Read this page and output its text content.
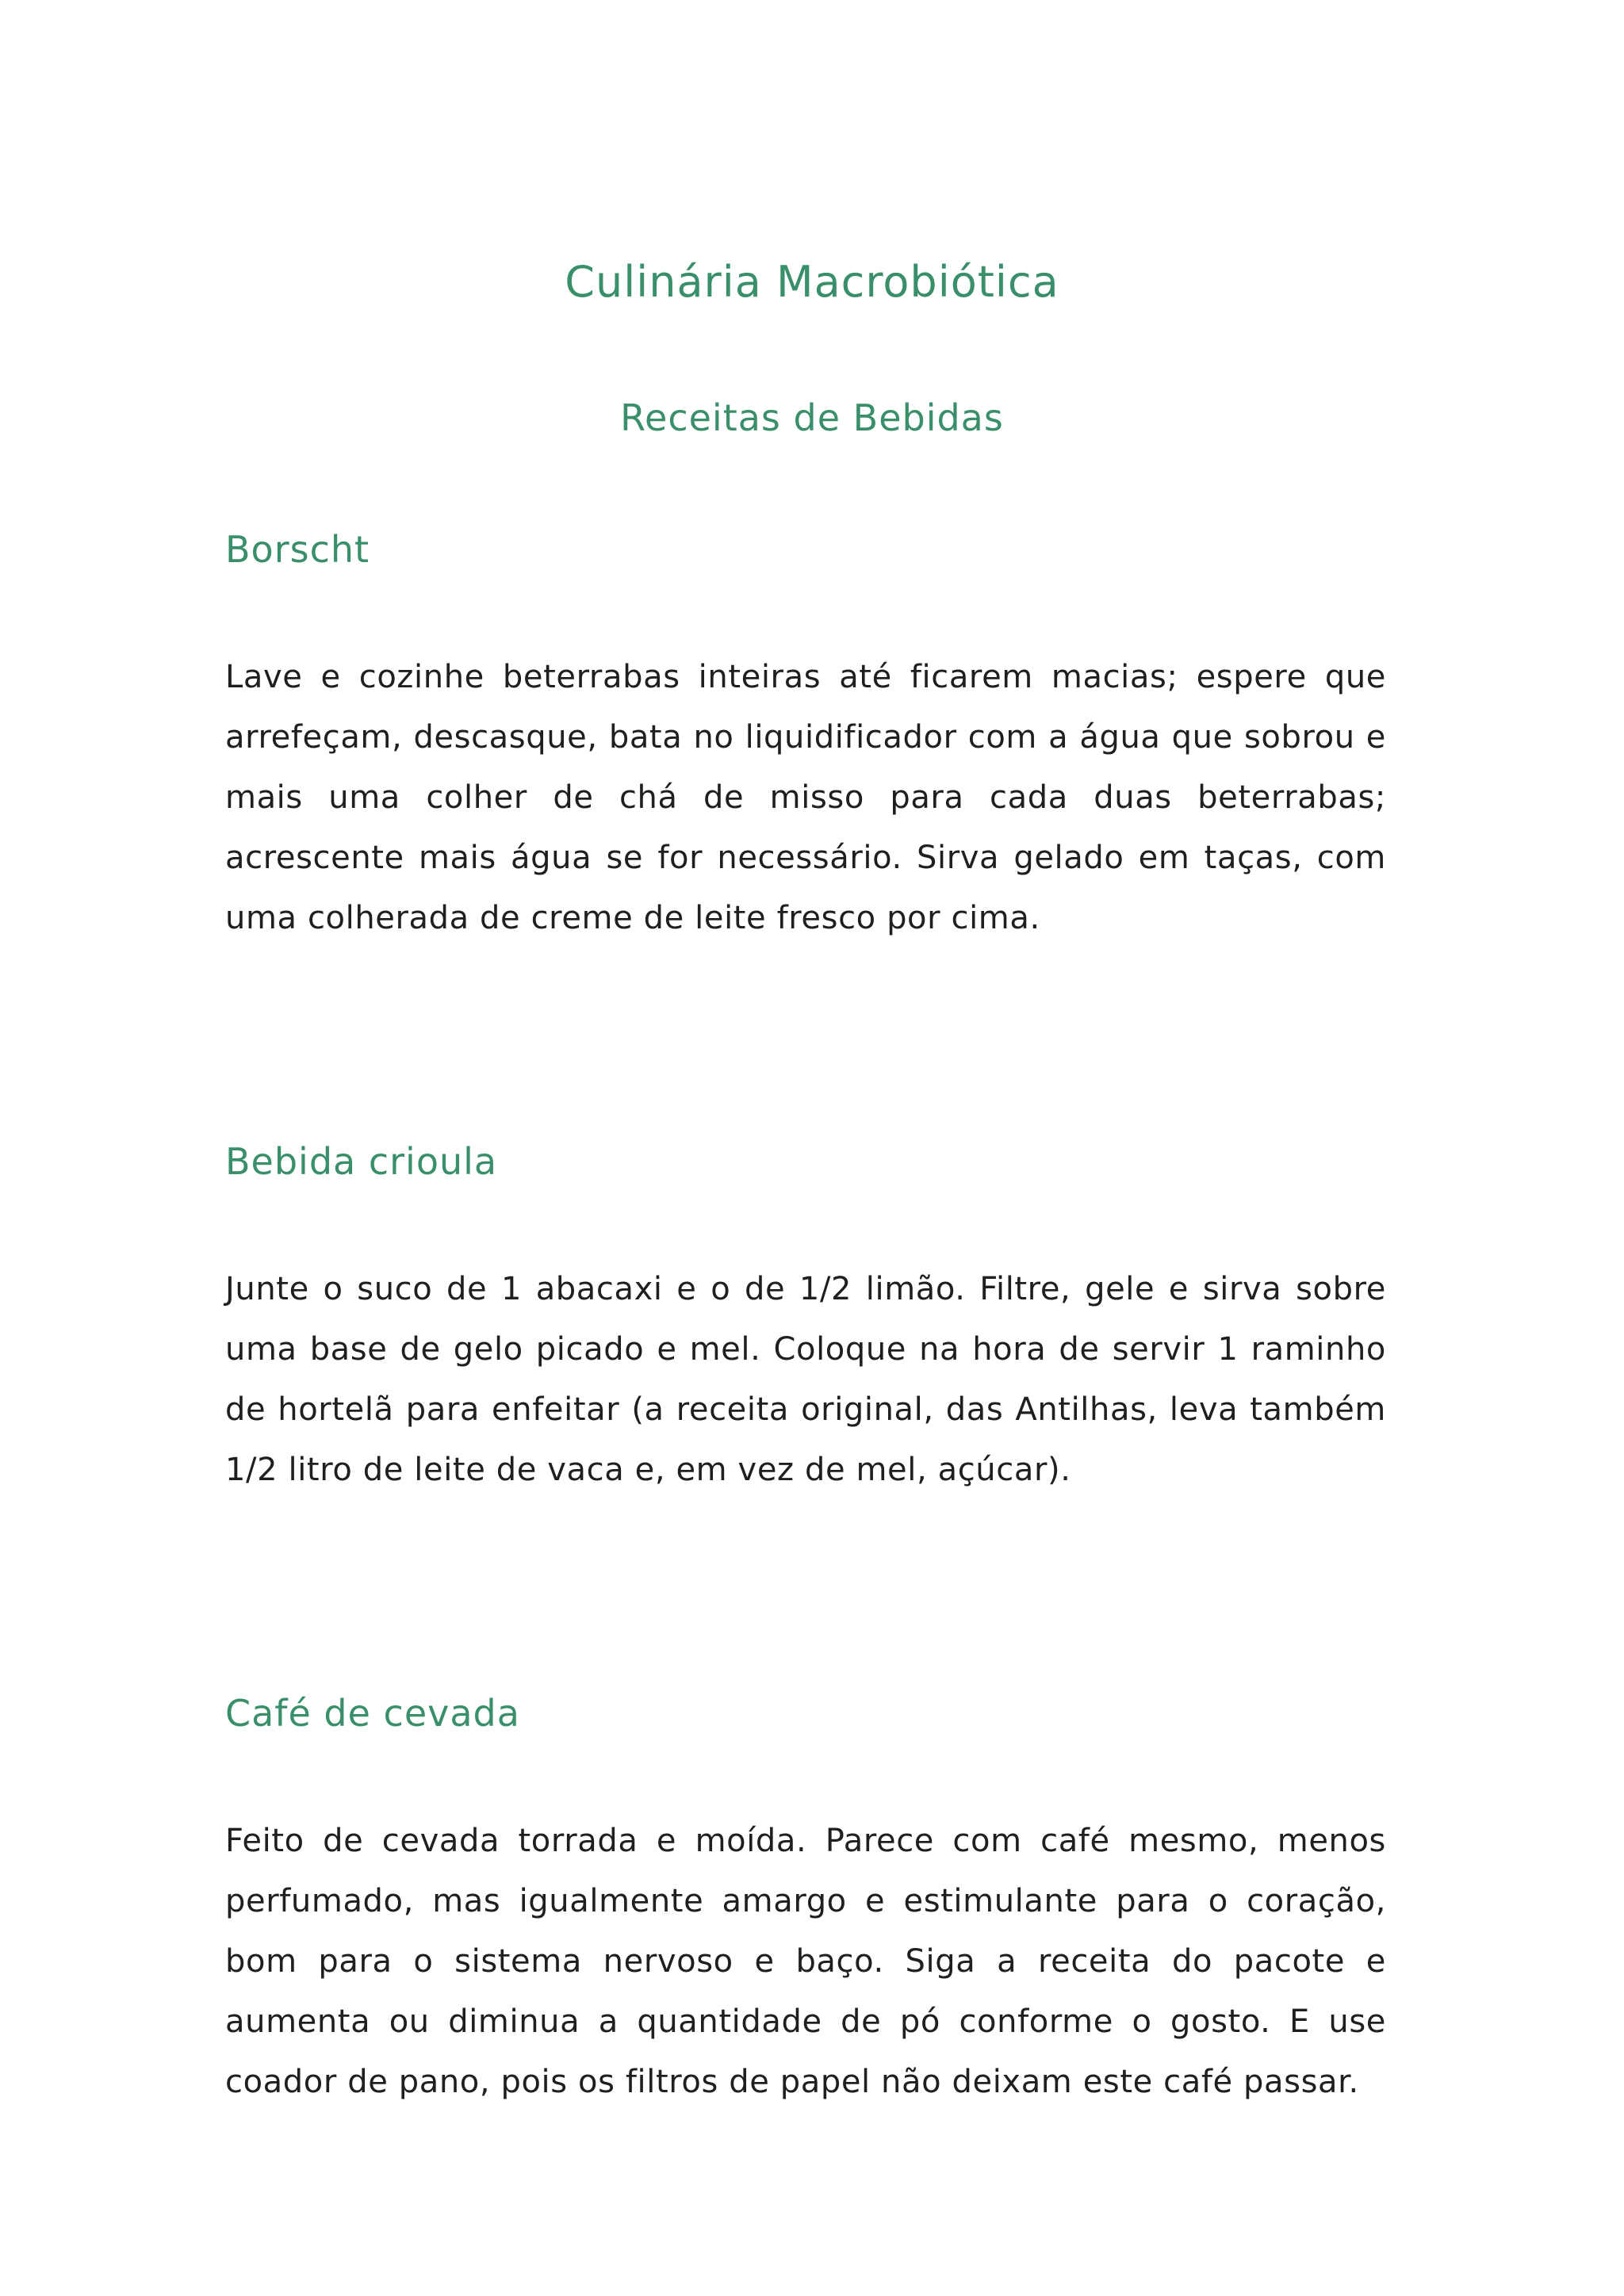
Culinária Macrobiótica
Receitas de Bebidas
Borscht

Lave e cozinhe beterrabas inteiras até ficarem macias; espere que arrefeçam, descasque, bata no liquidificador com a água que sobrou e mais uma colher de chá de misso para cada duas beterrabas; acrescente mais água se for necessário. Sirva gelado em taças, com uma colherada de creme de leite fresco por cima.

Bebida crioula

Junte o suco de 1 abacaxi e o de 1/2 limão. Filtre, gele e sirva sobre uma base de gelo picado e mel. Coloque na hora de servir 1 raminho de hortelã para enfeitar (a receita original, das Antilhas, leva também 1/2 litro de leite de vaca e, em vez de mel, açúcar).

Café de cevada

Feito de cevada torrada e moída. Parece com café mesmo, menos perfumado, mas igualmente amargo e estimulante para o coração, bom para o sistema nervoso e baço. Siga a receita do pacote e aumenta ou diminua a quantidade de pó conforme o gosto. E use coador de pano, pois os filtros de papel não deixam este café passar.
